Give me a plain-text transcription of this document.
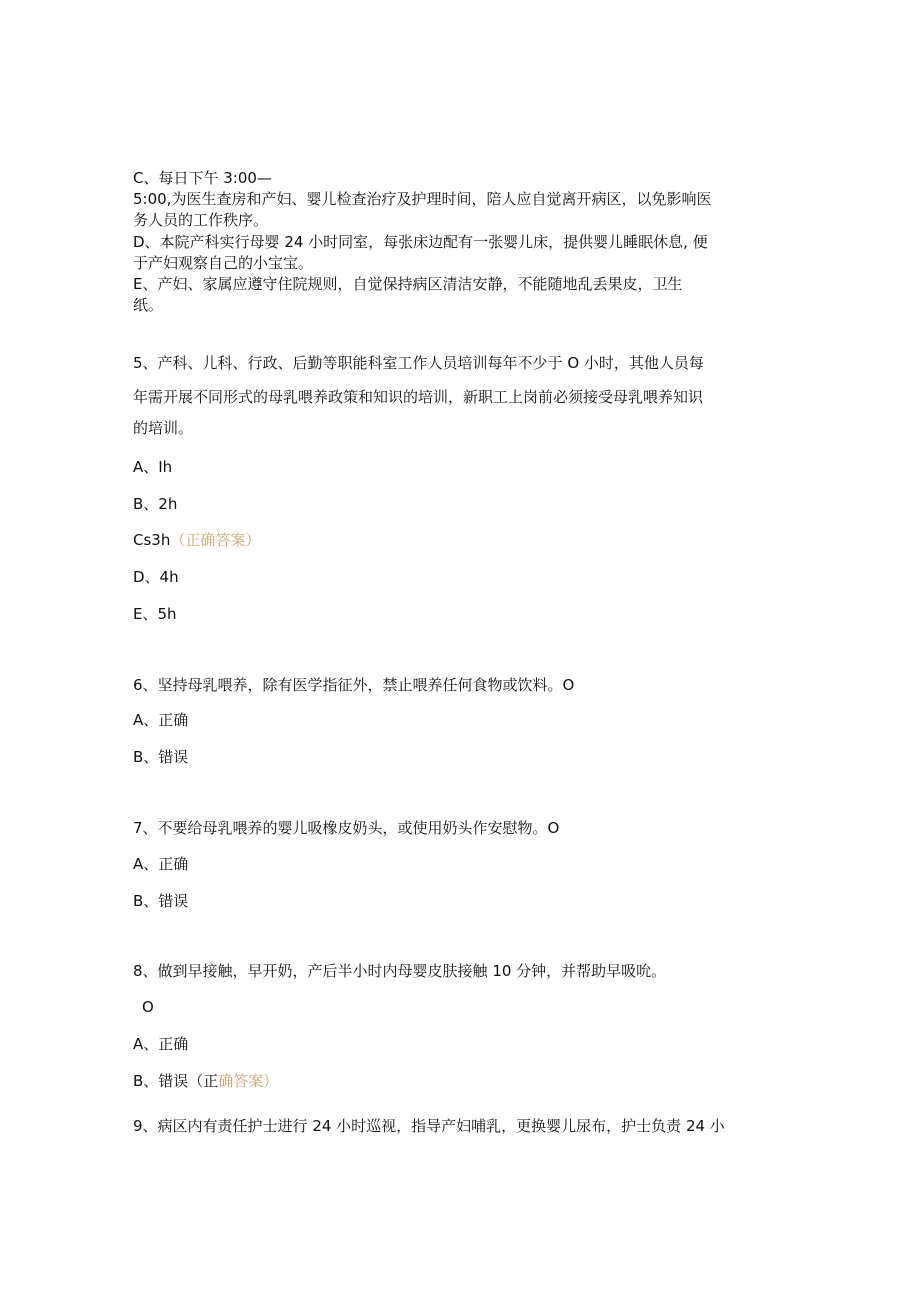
C、每日下午 3:00—
5:00,为医生查房和产妇、婴儿检查治疗及护理时间，陪人应自觉离开病区，以免影响医
务人员的工作秩序。
D、本院产科实行母婴 24 小时同室，每张床边配有一张婴儿床，提供婴儿睡眠休息, 便
于产妇观察自己的小宝宝。
E、产妇、家属应遵守住院规则，自觉保持病区清洁安静，不能随地乱丢果皮，卫生
纸。
5、产科、儿科、行政、后勤等职能科室工作人员培训每年不少于 O 小时，其他人员每
年需开展不同形式的母乳喂养政策和知识的培训，新职工上岗前必须接受母乳喂养知识
的培训。
A、Ih
B、2h
Cs3h（正确答案）
D、4h
E、5h
6、坚持母乳喂养，除有医学指征外，禁止喂养任何食物或饮料。O
A、正确
B、错误
7、不要给母乳喂养的婴儿吸橡皮奶头，或使用奶头作安慰物。O
A、正确
B、错误
8、做到早接触，早开奶，产后半小时内母婴皮肤接触 10 分钟，并帮助早吸吮。
O
A、正确
B、错误（正确答案）
9、病区内有责任护士进行 24 小时巡视，指导产妇哺乳，更换婴儿尿布，护士负责 24 小
